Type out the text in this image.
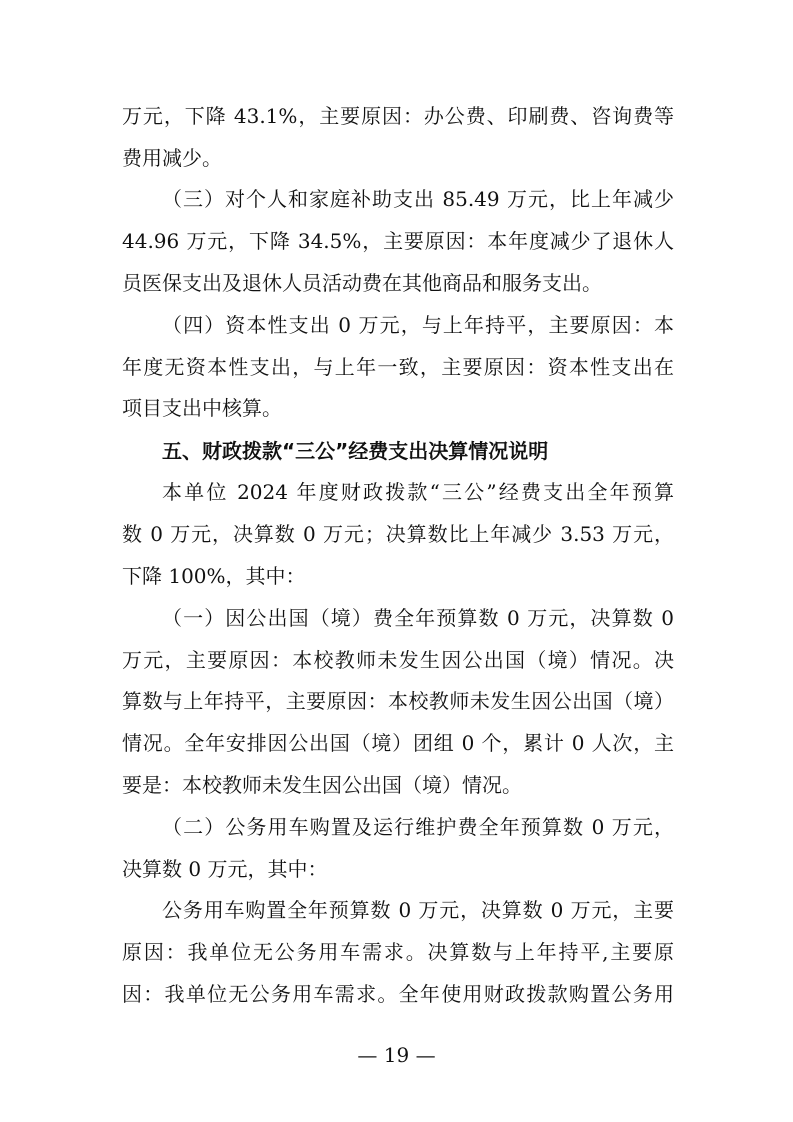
万元，下降 43.1%，主要原因：办公费、印刷费、咨询费等
费用减少。
（三）对个人和家庭补助支出 85.49 万元，比上年减少
44.96 万元，下降 34.5%，主要原因：本年度减少了退休人
员医保支出及退休人员活动费在其他商品和服务支出。
（四）资本性支出 0 万元，与上年持平，主要原因：本
年度无资本性支出，与上年一致，主要原因：资本性支出在
项目支出中核算。
五、财政拨款“三公”经费支出决算情况说明
本单位 2024 年度财政拨款“三公”经费支出全年预算
数 0 万元，决算数 0 万元；决算数比上年减少 3.53 万元，
下降 100%，其中：
（一）因公出国（境）费全年预算数 0 万元，决算数 0
万元，主要原因：本校教师未发生因公出国（境）情况。决
算数与上年持平，主要原因：本校教师未发生因公出国（境）
情况。全年安排因公出国（境）团组 0 个，累计 0 人次，主
要是：本校教师未发生因公出国（境）情况。
（二）公务用车购置及运行维护费全年预算数 0 万元，
决算数 0 万元，其中：
公务用车购置全年预算数 0 万元，决算数 0 万元，主要
原因：我单位无公务用车需求。决算数与上年持平,主要原
因：我单位无公务用车需求。全年使用财政拨款购置公务用
— 19 —
